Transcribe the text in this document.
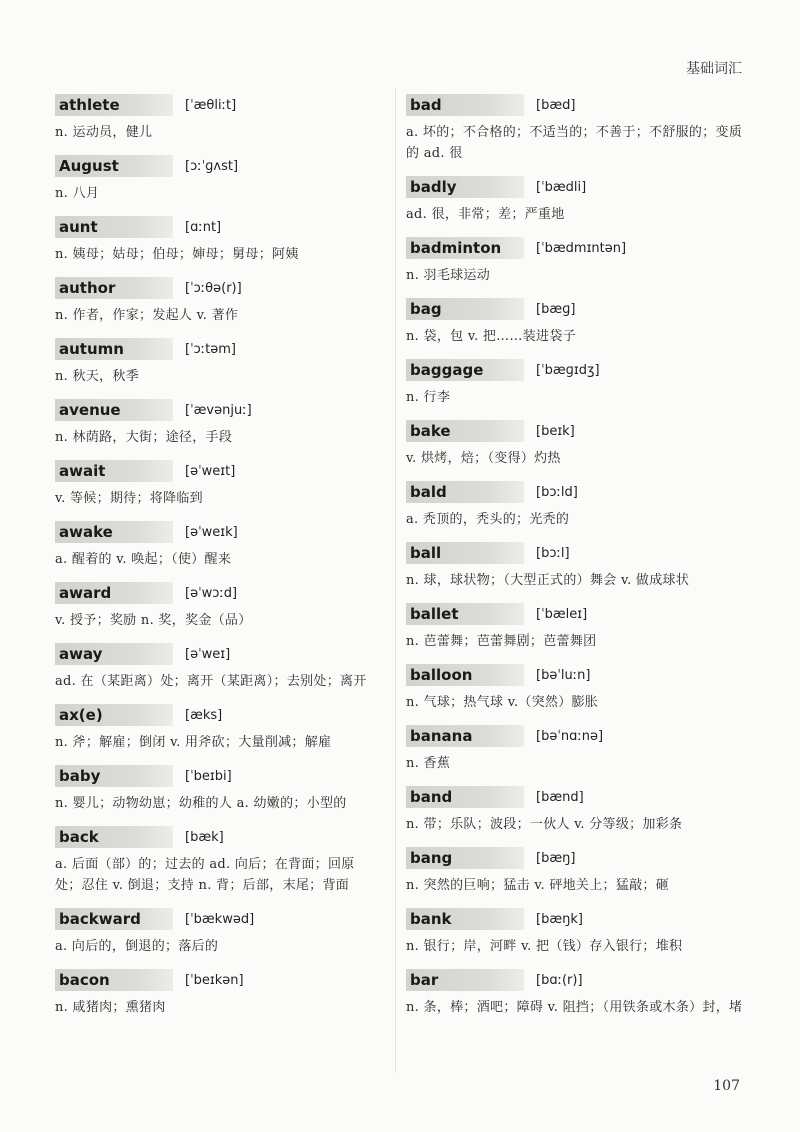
基础词汇
athlete	[ˈæθliːt]
n. 运动员，健儿
August	[ɔːˈɡʌst]
n. 八月
aunt	[ɑːnt]
n. 姨母；姑母；伯母；婶母；舅母；阿姨
author	[ˈɔːθə(r)]
n. 作者，作家；发起人 v. 著作
autumn	[ˈɔːtəm]
n. 秋天，秋季
avenue	[ˈævənjuː]
n. 林荫路，大街；途径，手段
await	[əˈweɪt]
v. 等候；期待；将降临到
awake	[əˈweɪk]
a. 醒着的 v. 唤起；（使）醒来
award	[əˈwɔːd]
v. 授予；奖励 n. 奖，奖金（品）
away	[əˈweɪ]
ad. 在（某距离）处；离开（某距离）；去别处；离开
ax(e)	[æks]
n. 斧；解雇；倒闭 v. 用斧砍；大量削减；解雇
baby	[ˈbeɪbi]
n. 婴儿；动物幼崽；幼稚的人 a. 幼嫩的；小型的
back	[bæk]
a. 后面（部）的；过去的 ad. 向后；在背面；回原处；忍住 v. 倒退；支持 n. 背；后部，末尾；背面
backward	[ˈbækwəd]
a. 向后的，倒退的；落后的
bacon	[ˈbeɪkən]
n. 咸猪肉；熏猪肉
bad	[bæd]
a. 坏的；不合格的；不适当的；不善于；不舒服的；变质的 ad. 很
badly	[ˈbædli]
ad. 很，非常；差；严重地
badminton	[ˈbædmɪntən]
n. 羽毛球运动
bag	[bæɡ]
n. 袋，包 v. 把……装进袋子
baggage	[ˈbæɡɪdʒ]
n. 行李
bake	[beɪk]
v. 烘烤，焙；（变得）灼热
bald	[bɔːld]
a. 秃顶的，秃头的；光秃的
ball	[bɔːl]
n. 球，球状物；（大型正式的）舞会 v. 做成球状
ballet	[ˈbæleɪ]
n. 芭蕾舞；芭蕾舞剧；芭蕾舞团
balloon	[bəˈluːn]
n. 气球；热气球 v.（突然）膨胀
banana	[bəˈnɑːnə]
n. 香蕉
band	[bænd]
n. 带；乐队；波段；一伙人 v. 分等级；加彩条
bang	[bæŋ]
n. 突然的巨响；猛击 v. 砰地关上；猛敲；砸
bank	[bæŋk]
n. 银行；岸，河畔 v. 把（钱）存入银行；堆积
bar	[bɑː(r)]
n. 条，棒；酒吧；障碍 v. 阻挡；（用铁条或木条）封，堵
107
